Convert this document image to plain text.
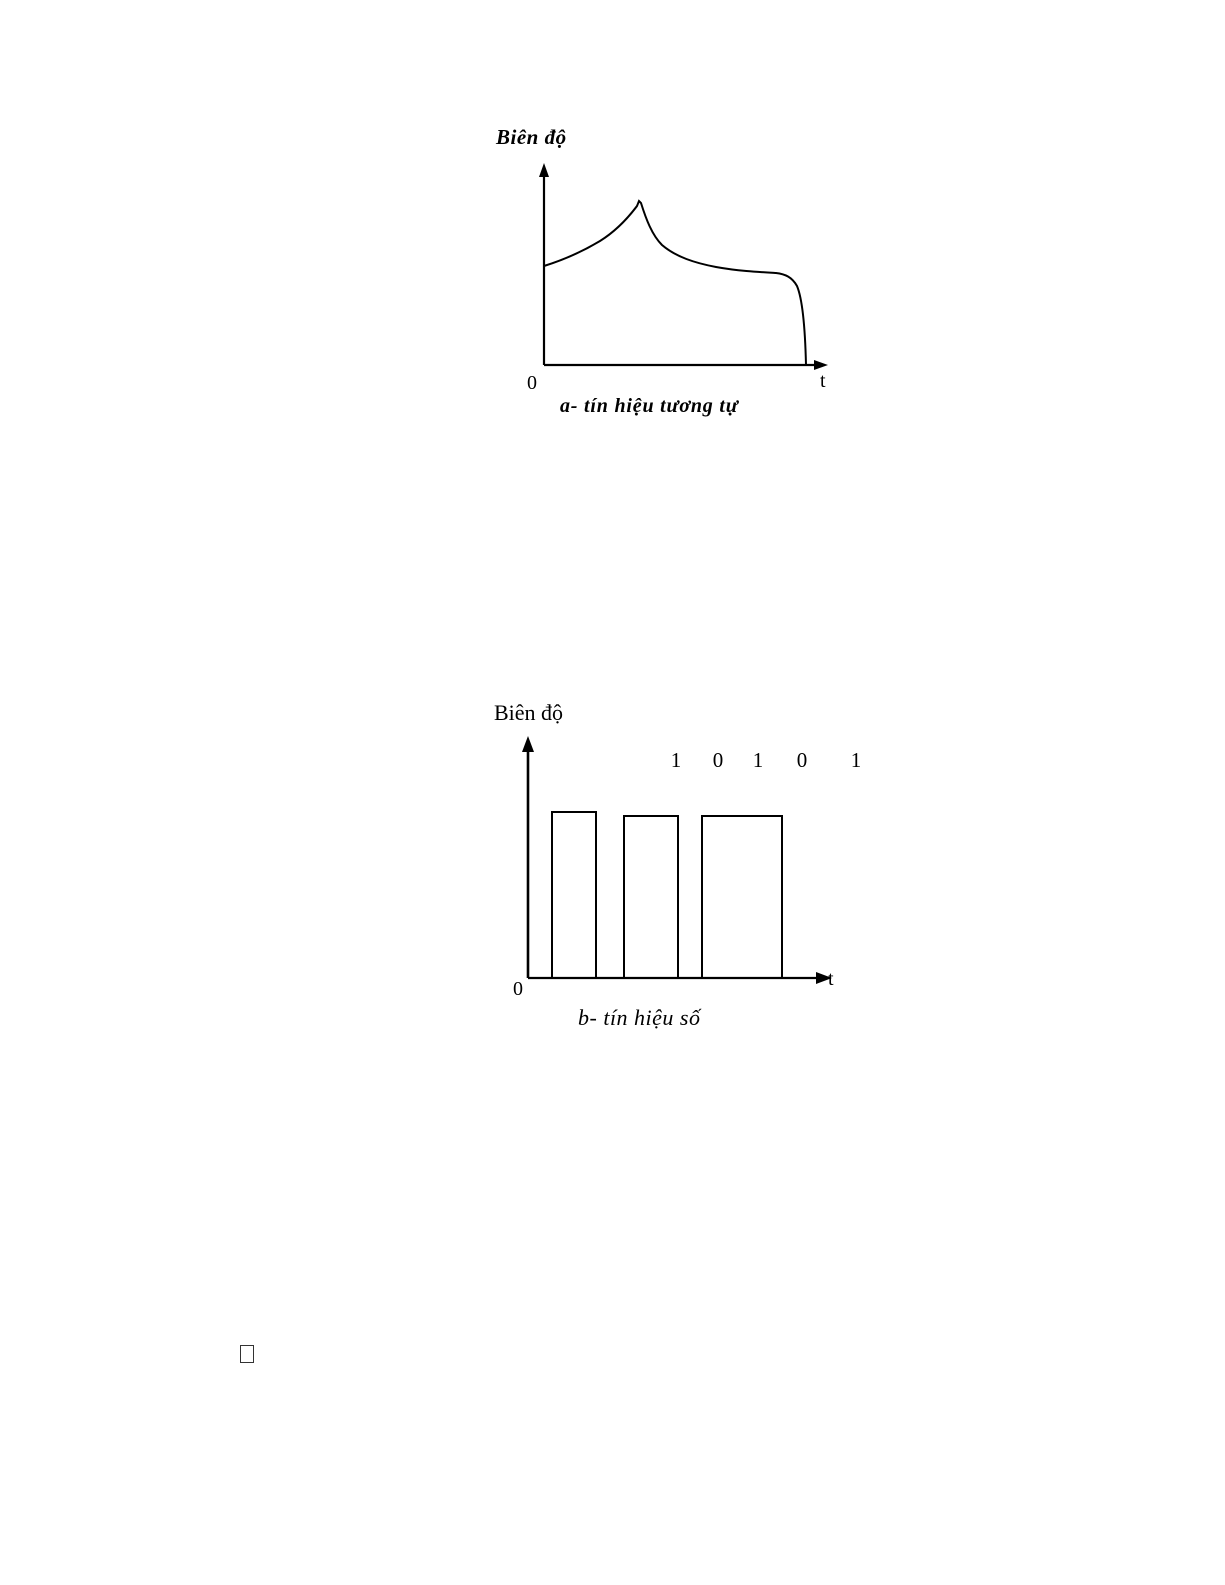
Biên độ
0	t
a- tín hiệu tương tự
Biên độ
1 0 1 0 1
0	t
b- tín hiệu số
